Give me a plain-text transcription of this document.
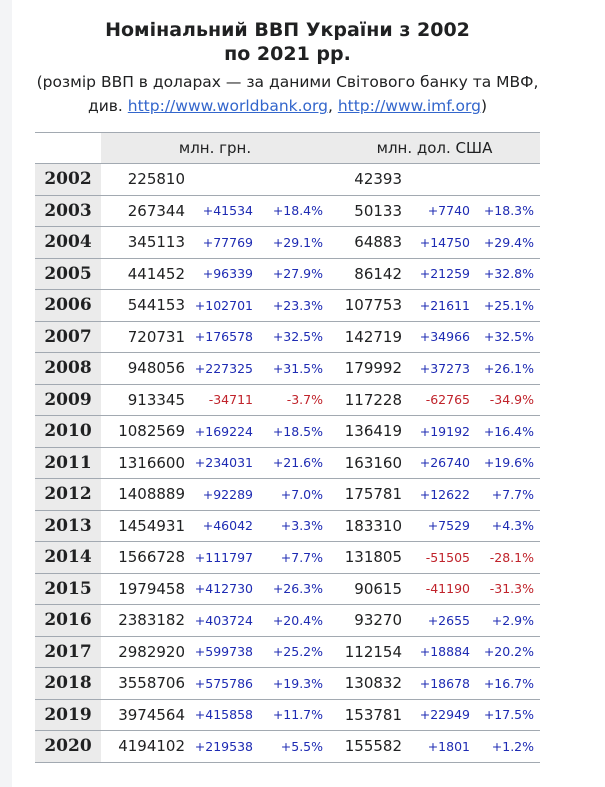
Номінальний ВВП України з 2002
по 2021 рр.
(розмір ВВП в доларах — за даними Світового банку та МВФ,
див. http://www.worldbank.org, http://www.imf.org)
	млн. грн.			млн. дол. США		
2002	225810			42393		
2003	267344	+41534	+18.4%	50133	+7740	+18.3%
2004	345113	+77769	+29.1%	64883	+14750	+29.4%
2005	441452	+96339	+27.9%	86142	+21259	+32.8%
2006	544153	+102701	+23.3%	107753	+21611	+25.1%
2007	720731	+176578	+32.5%	142719	+34966	+32.5%
2008	948056	+227325	+31.5%	179992	+37273	+26.1%
2009	913345	-34711	-3.7%	117228	-62765	-34.9%
2010	1082569	+169224	+18.5%	136419	+19192	+16.4%
2011	1316600	+234031	+21.6%	163160	+26740	+19.6%
2012	1408889	+92289	+7.0%	175781	+12622	+7.7%
2013	1454931	+46042	+3.3%	183310	+7529	+4.3%
2014	1566728	+111797	+7.7%	131805	-51505	-28.1%
2015	1979458	+412730	+26.3%	90615	-41190	-31.3%
2016	2383182	+403724	+20.4%	93270	+2655	+2.9%
2017	2982920	+599738	+25.2%	112154	+18884	+20.2%
2018	3558706	+575786	+19.3%	130832	+18678	+16.7%
2019	3974564	+415858	+11.7%	153781	+22949	+17.5%
2020	4194102	+219538	+5.5%	155582	+1801	+1.2%
